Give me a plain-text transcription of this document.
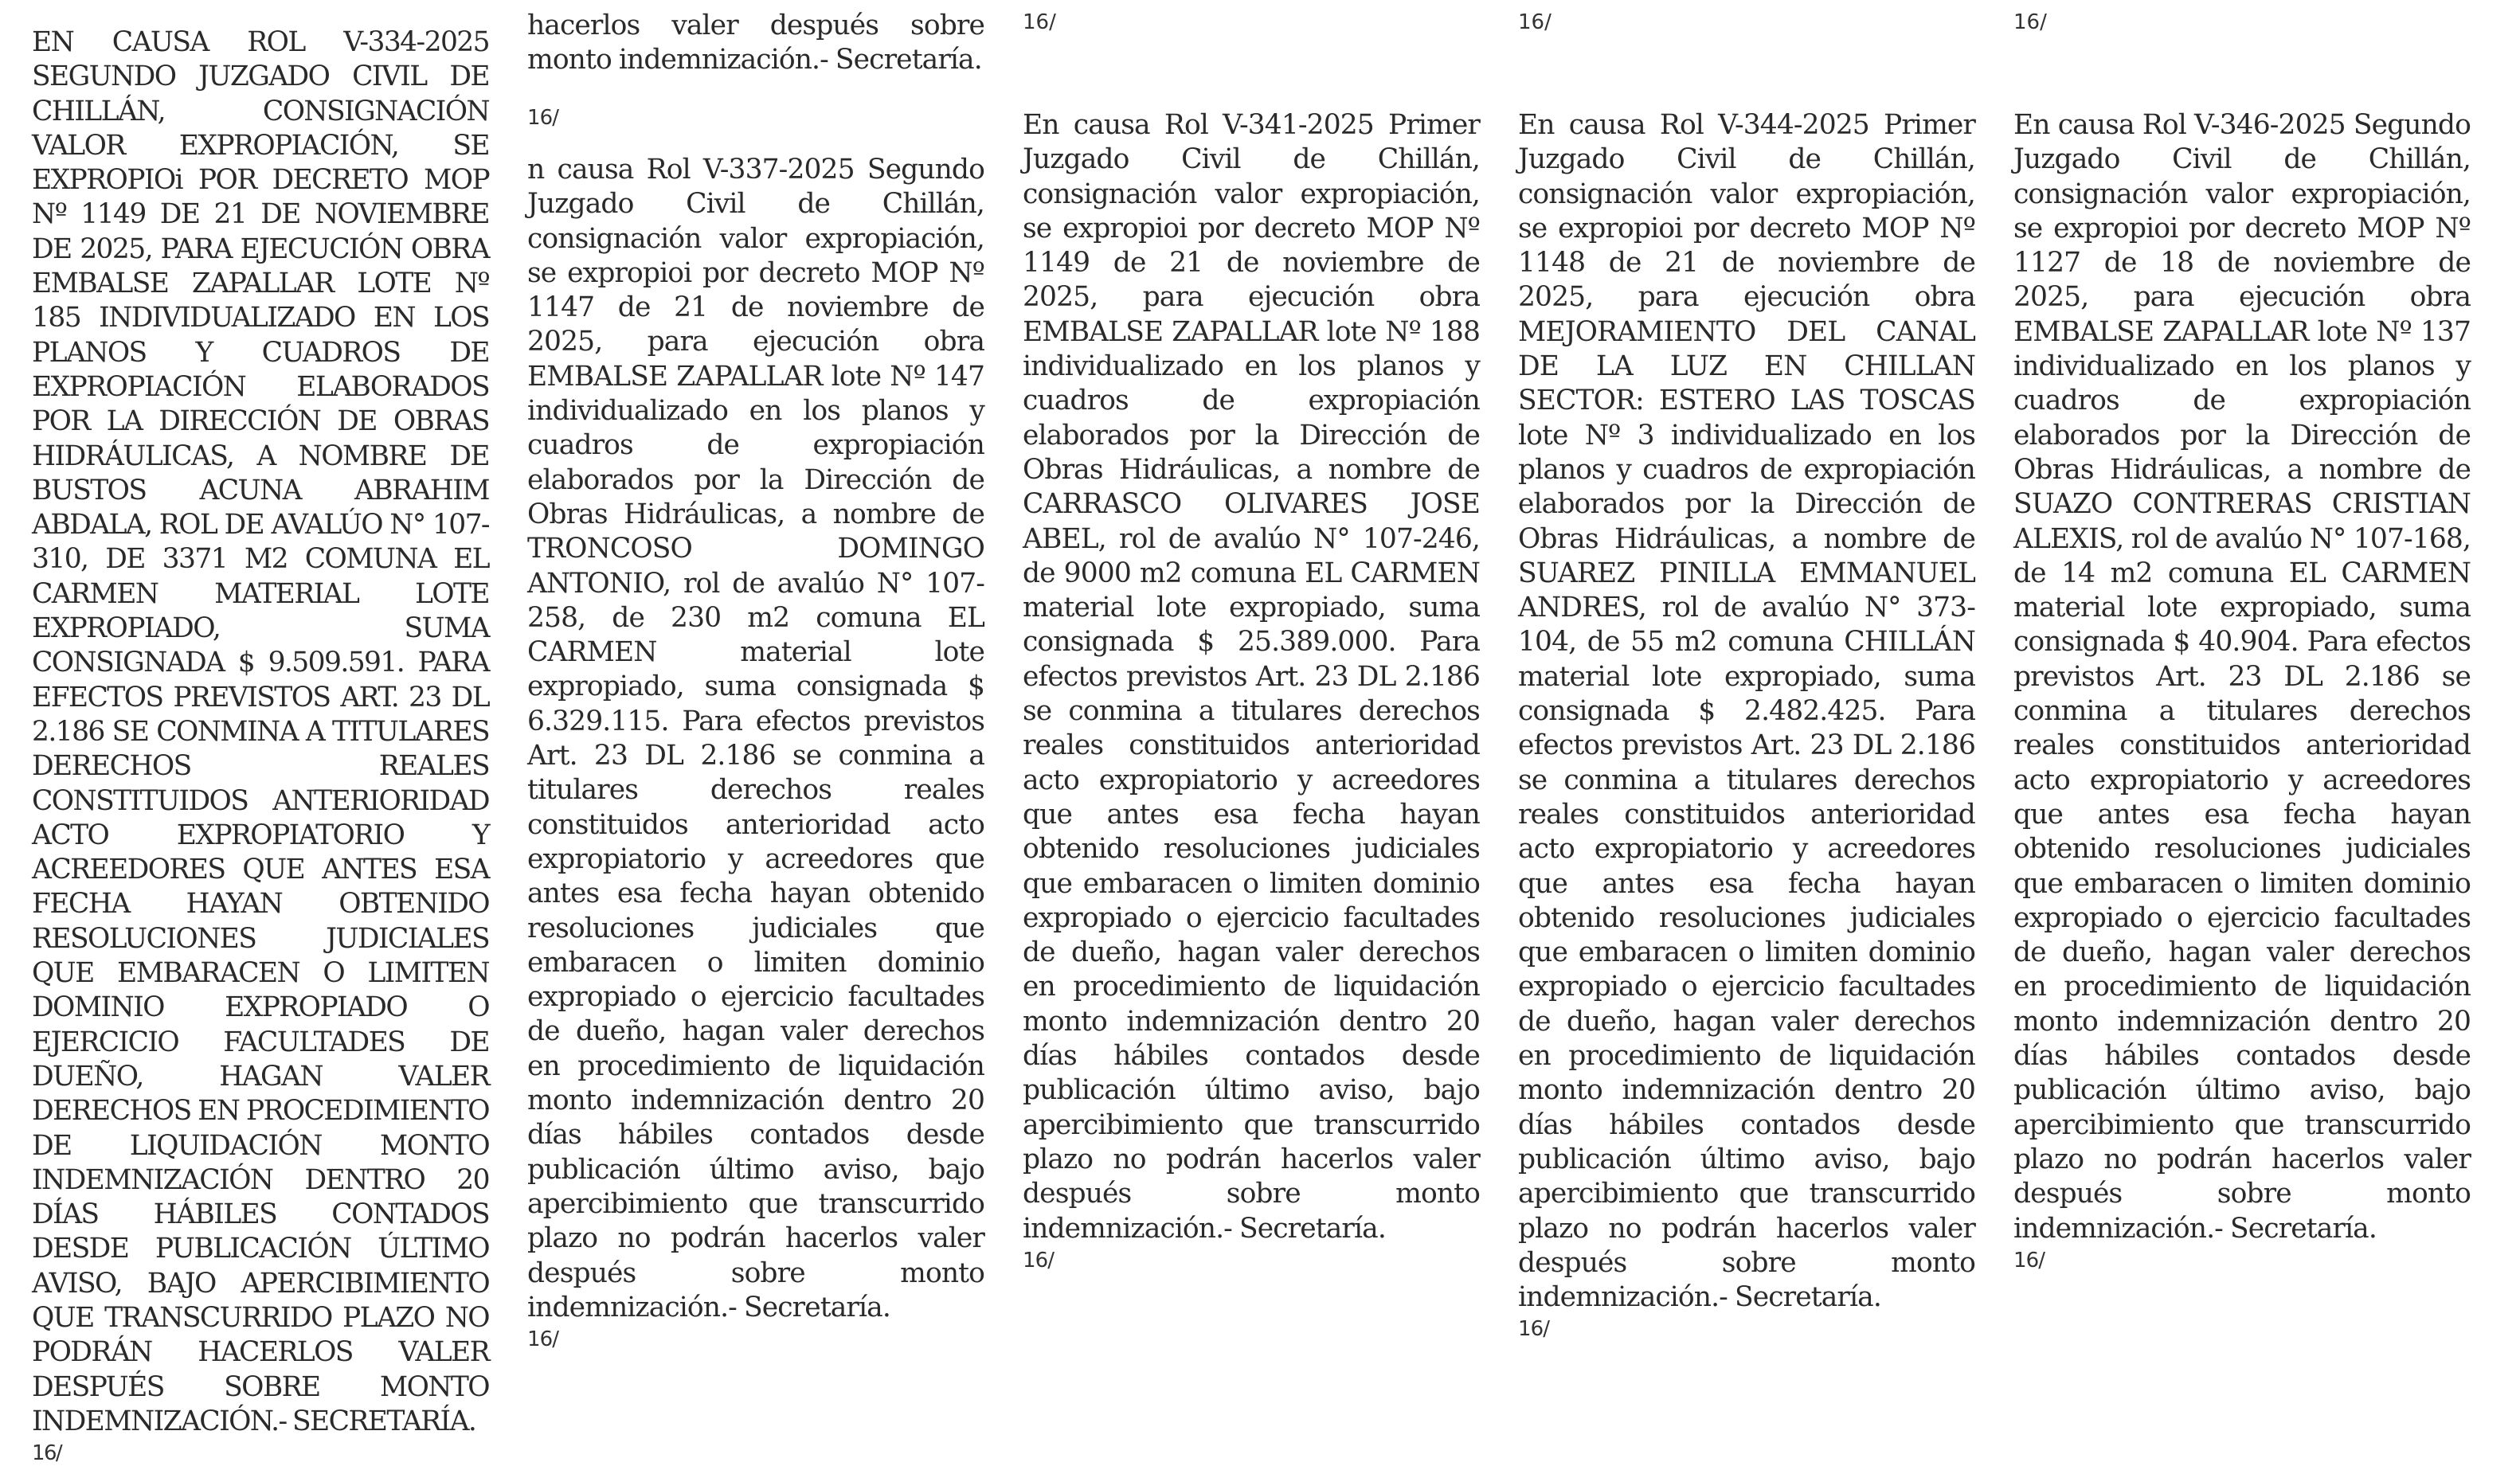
hacerlos valer después sobre monto indemnización.- Secretaría.

16/
16/	16/	16/

EN CAUSA ROL V-334-2025 SEGUNDO JUZGADO CIVIL DE CHILLÁN, CONSIGNACIÓN VALOR EXPROPIACIÓN, SE EXPROPIOi POR DECRETO MOP Nº 1149 DE 21 DE NOVIEMBRE DE 2025, PARA EJECUCIÓN OBRA EMBALSE ZAPALLAR LOTE Nº 185 INDIVIDUALIZADO EN LOS PLANOS Y CUADROS DE EXPROPIACIÓN ELABORADOS POR LA DIRECCIÓN DE OBRAS HIDRÁULICAS, A NOMBRE DE BUSTOS ACUNA ABRAHIM ABDALA, ROL DE AVALÚO N° 107-310, DE 3371 M2 COMUNA EL CARMEN MATERIAL LOTE EXPROPIADO, SUMA CONSIGNADA $ 9.509.591. PARA EFECTOS PREVISTOS ART. 23 DL 2.186 SE CONMINA A TITULARES DERECHOS REALES CONSTITUIDOS ANTERIORIDAD ACTO EXPROPIATORIO Y ACREEDORES QUE ANTES ESA FECHA HAYAN OBTENIDO RESOLUCIONES JUDICIALES QUE EMBARACEN O LIMITEN DOMINIO EXPROPIADO O EJERCICIO FACULTADES DE DUEÑO, HAGAN VALER DERECHOS EN PROCEDIMIENTO DE LIQUIDACIÓN MONTO INDEMNIZACIÓN DENTRO 20 DÍAS HÁBILES CONTADOS DESDE PUBLICACIÓN ÚLTIMO AVISO, BAJO APERCIBIMIENTO QUE TRANSCURRIDO PLAZO NO PODRÁN HACERLOS VALER DESPUÉS SOBRE MONTO INDEMNIZACIÓN.- SECRETARÍA.

16/

n causa Rol V-337-2025 Segundo Juzgado Civil de Chillán, consignación valor expropiación, se expropioi por decreto MOP Nº 1147 de 21 de noviembre de 2025, para ejecución obra EMBALSE ZAPALLAR lote Nº 147 individualizado en los planos y cuadros de expropiación elaborados por la Dirección de Obras Hidráulicas, a nombre de TRONCOSO DOMINGO ANTONIO, rol de avalúo N° 107-258, de 230 m2 comuna EL CARMEN material lote expropiado, suma consignada $ 6.329.115. Para efectos previstos Art. 23 DL 2.186 se conmina a titulares derechos reales constituidos anterioridad acto expropiatorio y acreedores que antes esa fecha hayan obtenido resoluciones judiciales que embaracen o limiten dominio expropiado o ejercicio facultades de dueño, hagan valer derechos en procedimiento de liquidación monto indemnización dentro 20 días hábiles contados desde publicación último aviso, bajo apercibimiento que transcurrido plazo no podrán hacerlos valer después sobre monto indemnización.- Secretaría.

16/

En causa Rol V-341-2025 Primer Juzgado Civil de Chillán, consignación valor expropiación, se expropioi por decreto MOP Nº 1149 de 21 de noviembre de 2025, para ejecución obra EMBALSE ZAPALLAR lote Nº 188 individualizado en los planos y cuadros de expropiación elaborados por la Dirección de Obras Hidráulicas, a nombre de CARRASCO OLIVARES JOSE ABEL, rol de avalúo N° 107-246, de 9000 m2 comuna EL CARMEN material lote expropiado, suma consignada $ 25.389.000. Para efectos previstos Art. 23 DL 2.186 se conmina a titulares derechos reales constituidos anterioridad acto expropiatorio y acreedores que antes esa fecha hayan obtenido resoluciones judiciales que embaracen o limiten dominio expropiado o ejercicio facultades de dueño, hagan valer derechos en procedimiento de liquidación monto indemnización dentro 20 días hábiles contados desde publicación último aviso, bajo apercibimiento que transcurrido plazo no podrán hacerlos valer después sobre monto indemnización.- Secretaría.

16/

En causa Rol V-344-2025 Primer Juzgado Civil de Chillán, consignación valor expropiación, se expropioi por decreto MOP Nº 1148 de 21 de noviembre de 2025, para ejecución obra MEJORAMIENTO DEL CANAL DE LA LUZ EN CHILLAN SECTOR: ESTERO LAS TOSCAS lote Nº 3 individualizado en los planos y cuadros de expropiación elaborados por la Dirección de Obras Hidráulicas, a nombre de SUAREZ PINILLA EMMANUEL ANDRES, rol de avalúo N° 373-104, de 55 m2 comuna CHILLÁN material lote expropiado, suma consignada $ 2.482.425. Para efectos previstos Art. 23 DL 2.186 se conmina a titulares derechos reales constituidos anterioridad acto expropiatorio y acreedores que antes esa fecha hayan obtenido resoluciones judiciales que embaracen o limiten dominio expropiado o ejercicio facultades de dueño, hagan valer derechos en procedimiento de liquidación monto indemnización dentro 20 días hábiles contados desde publicación último aviso, bajo apercibimiento que transcurrido plazo no podrán hacerlos valer después sobre monto indemnización.- Secretaría.

16/

En causa Rol V-346-2025 Segundo Juzgado Civil de Chillán, consignación valor expropiación, se expropioi por decreto MOP Nº 1127 de 18 de noviembre de 2025, para ejecución obra EMBALSE ZAPALLAR lote Nº 137 individualizado en los planos y cuadros de expropiación elaborados por la Dirección de Obras Hidráulicas, a nombre de SUAZO CONTRERAS CRISTIAN ALEXIS, rol de avalúo N° 107-168, de 14 m2 comuna EL CARMEN material lote expropiado, suma consignada $ 40.904. Para efectos previstos Art. 23 DL 2.186 se conmina a titulares derechos reales constituidos anterioridad acto expropiatorio y acreedores que antes esa fecha hayan obtenido resoluciones judiciales que embaracen o limiten dominio expropiado o ejercicio facultades de dueño, hagan valer derechos en procedimiento de liquidación monto indemnización dentro 20 días hábiles contados desde publicación último aviso, bajo apercibimiento que transcurrido plazo no podrán hacerlos valer después sobre monto indemnización.- Secretaría.

16/
